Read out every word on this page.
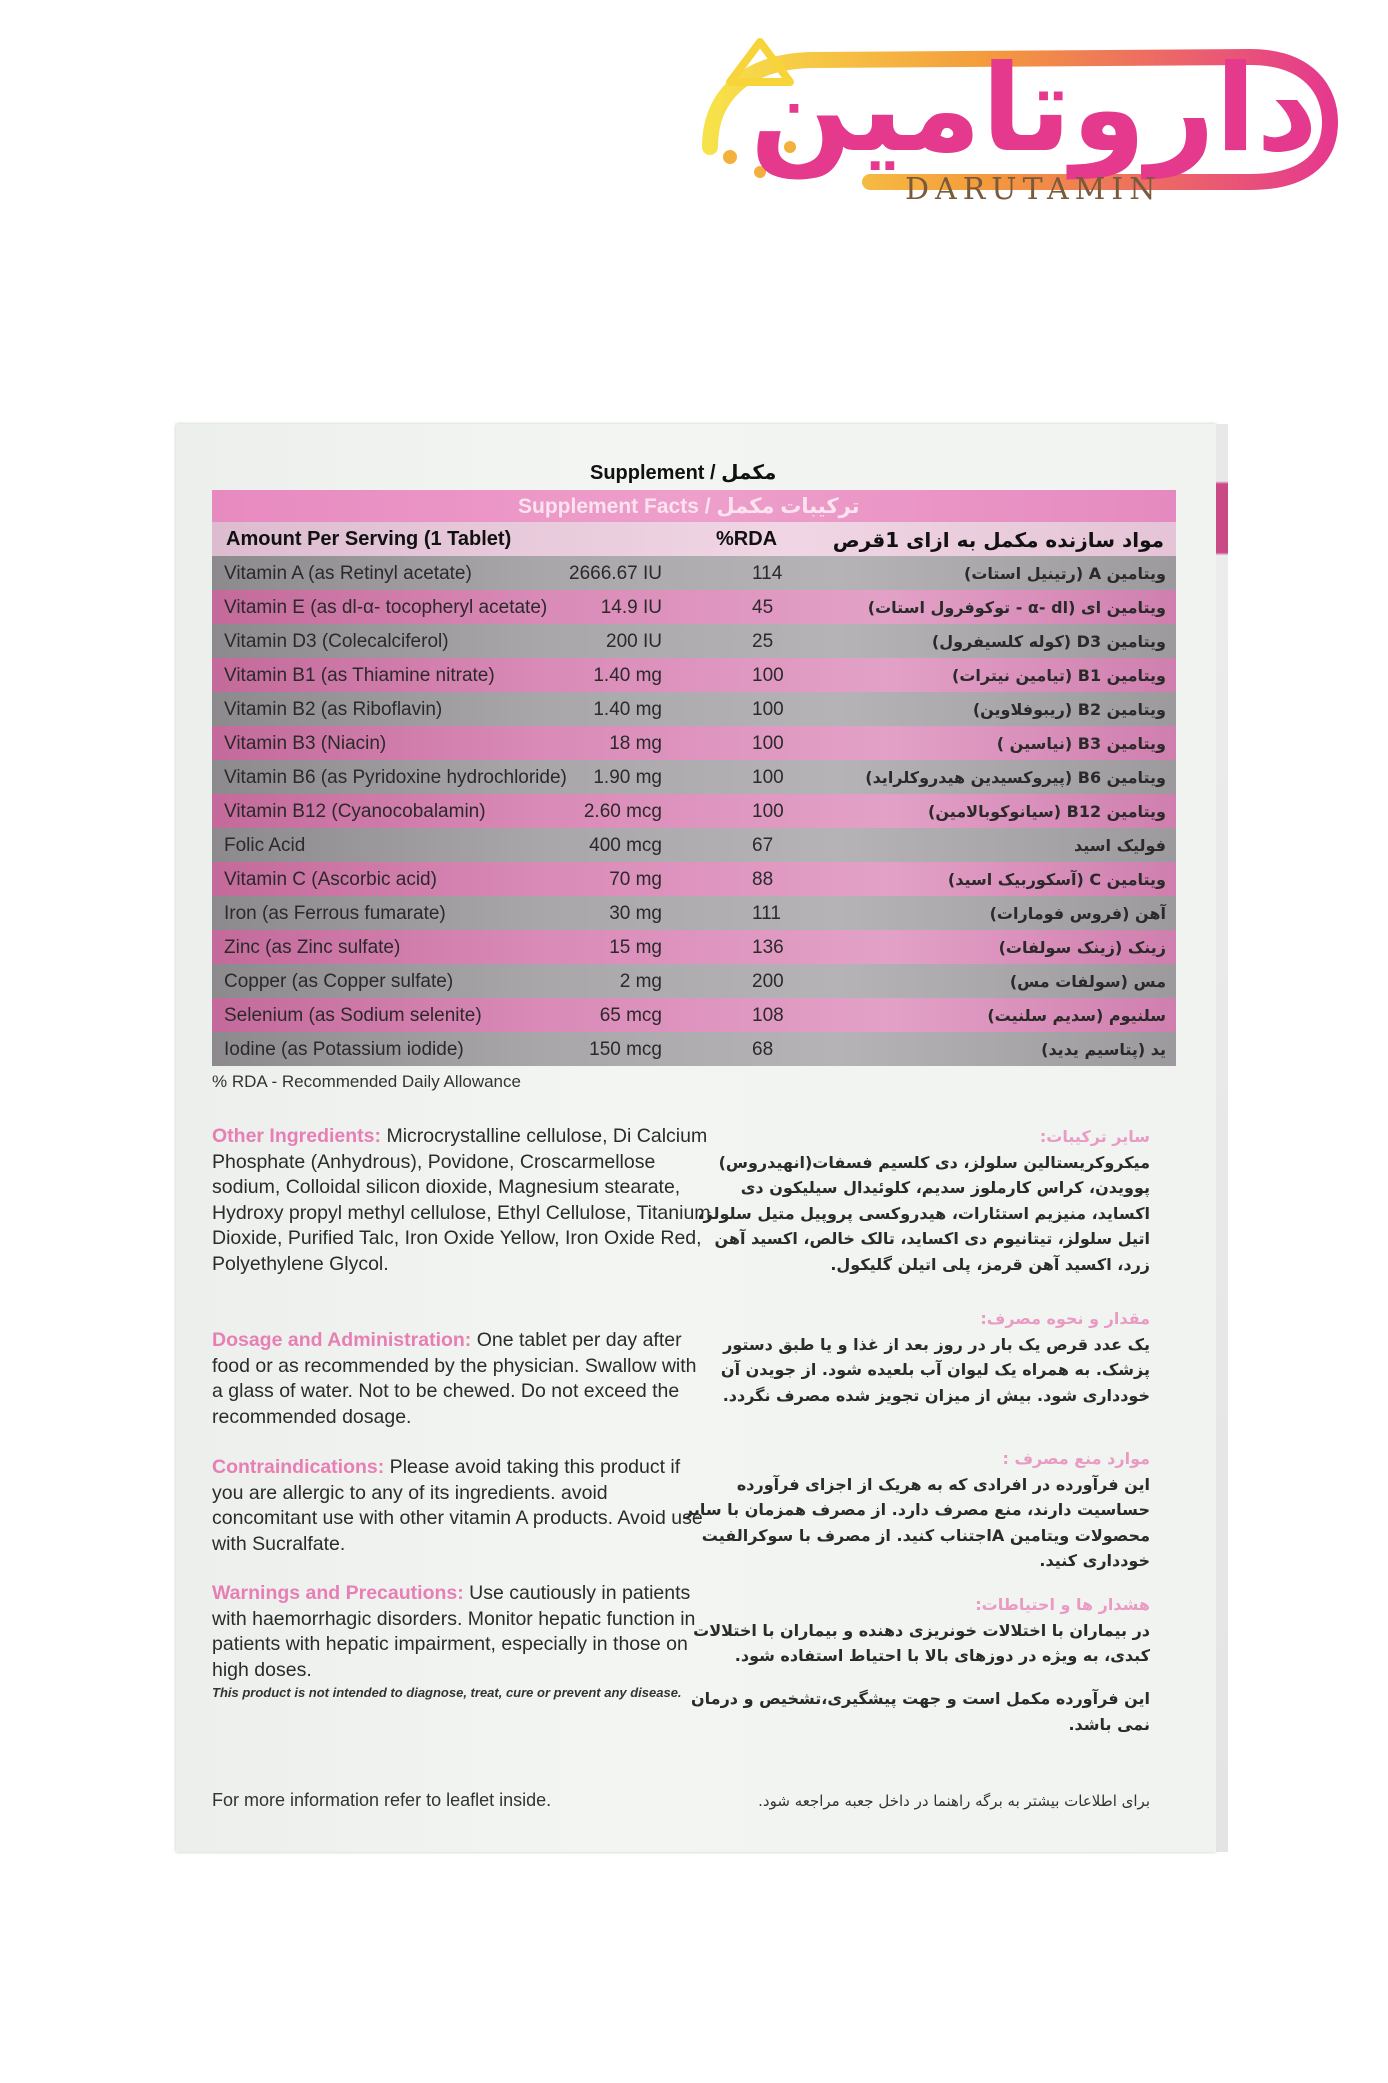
داروتامین
DARUTAMIN
Supplement / مکمل
Supplement Facts / ترکیبات مکمل
Amount Per Serving (1 Tablet)	%RDA	مواد سازنده مکمل به ازای 1قرص
Vitamin A (as Retinyl acetate)	2666.67 IU	114	ویتامین A (رتینیل استات)
Vitamin E (as dl-α- tocopheryl acetate)	14.9 IU	45	ویتامین ای (α- dl - توکوفرول استات)
Vitamin D3 (Colecalciferol)	200 IU	25	ویتامین D3 (کوله کلسیفرول)
Vitamin B1 (as Thiamine nitrate)	1.40 mg	100	ویتامین B1 (تیامین نیترات)
Vitamin B2 (as Riboflavin)	1.40 mg	100	ویتامین B2 (ریبوفلاوین)
Vitamin B3 (Niacin)	18 mg	100	ویتامین B3 (نیاسین )
Vitamin B6 (as Pyridoxine hydrochloride) 1.90 mg	100	ویتامین B6 (پیروکسیدین هیدروکلراید)
Vitamin B12 (Cyanocobalamin)	2.60 mcg	100	ویتامین B12 (سیانوکوبالامین)
Folic Acid	400 mcg	67	فولیک اسید
Vitamin C (Ascorbic acid)	70 mg	88	ویتامین C (آسکوربیک اسید)
Iron (as Ferrous fumarate)	30 mg	111	آهن (فروس فومارات)
Zinc (as Zinc sulfate)	15 mg	136	زینک (زینک سولفات)
Copper (as Copper sulfate)	2 mg	200	مس (سولفات مس)
Selenium (as Sodium selenite)	65 mcg	108	سلنیوم (سدیم سلنیت)
Iodine (as Potassium iodide)	150 mcg	68	ید (پتاسیم یدید)
% RDA - Recommended Daily Allowance
Other Ingredients: Microcrystalline cellulose, Di Calcium Phosphate (Anhydrous), Povidone, Croscarmellose sodium, Colloidal silicon dioxide, Magnesium stearate, Hydroxy propyl methyl cellulose, Ethyl Cellulose, Titanium Dioxide, Purified Talc, Iron Oxide Yellow, Iron Oxide Red, Polyethylene Glycol.
Dosage and Administration: One tablet per day after food or as recommended by the physician. Swallow with a glass of water. Not to be chewed. Do not exceed the recommended dosage.
Contraindications: Please avoid taking this product if you are allergic to any of its ingredients. avoid concomitant use with other vitamin A products. Avoid use with Sucralfate.
Warnings and Precautions: Use cautiously in patients with haemorrhagic disorders. Monitor hepatic function in patients with hepatic impairment, especially in those on high doses.
This product is not intended to diagnose, treat, cure or prevent any disease.
For more information refer to leaflet inside.
سایر ترکیبات:
میکروکریستالین سلولز، دی کلسیم فسفات(انهیدروس) پوویدن، کراس کارملوز سدیم، کلوئیدال سیلیکون دی اکساید، منیزیم استئارات، هیدروکسی پروپیل متیل سلولز، اتیل سلولز، تیتانیوم دی اکساید، تالک خالص، اکسید آهن زرد، اکسید آهن قرمز، پلی اتیلن گلیکول.
مقدار و نحوه مصرف:
یک عدد قرص یک بار در روز بعد از غذا و یا طبق دستور پزشک. به همراه یک لیوان آب بلعیده شود. از جویدن آن خودداری شود. بیش از میزان تجویز شده مصرف نگردد.
موارد منع مصرف :
این فرآورده در افرادی که به هریک از اجزای فرآورده حساسیت دارند، منع مصرف دارد. از مصرف همزمان با سایر محصولات ویتامین Aاجتناب کنید. از مصرف با سوکرالفیت خودداری کنید.
هشدار ها و احتیاطات:
در بیماران با اختلالات خونریزی دهنده و بیماران با اختلالات کبدی، به ویژه در دوزهای بالا با احتیاط استفاده شود.
این فرآورده مکمل است و جهت پیشگیری،تشخیص و درمان نمی باشد.
برای اطلاعات بیشتر به برگه راهنما در داخل جعبه مراجعه شود.
